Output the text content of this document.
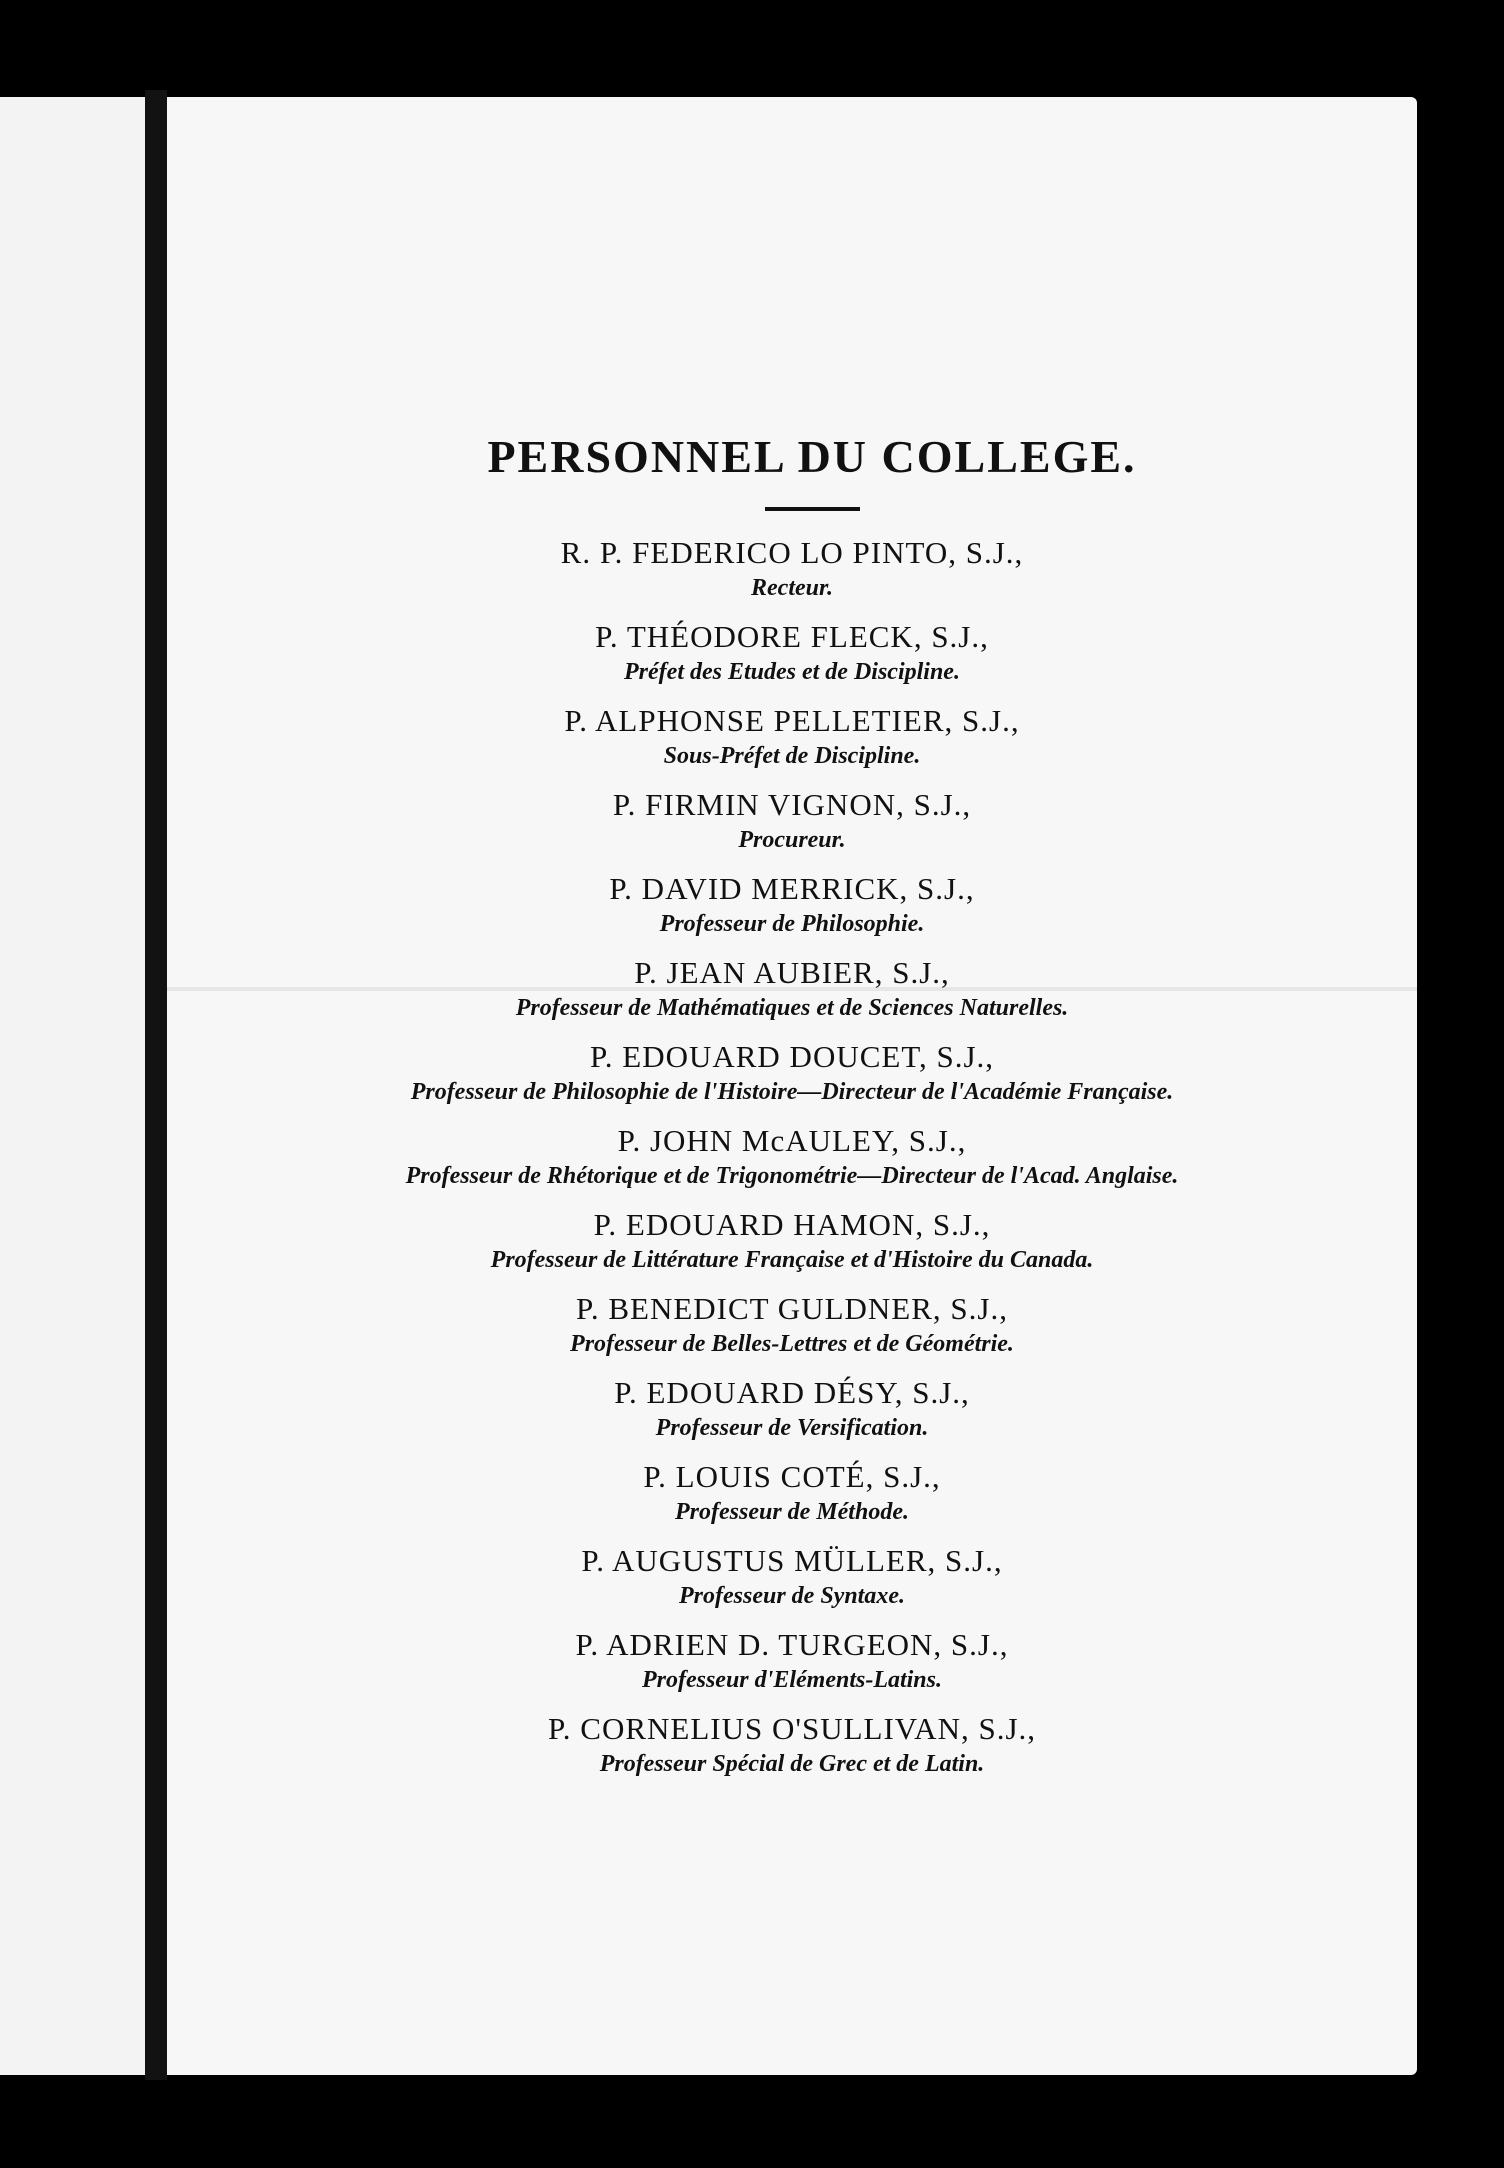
PERSONNEL DU COLLEGE.
R. P. FEDERICO LO PINTO, S.J.,
Recteur.
P. THÉODORE FLECK, S.J.,
Préfet des Etudes et de Discipline.
P. ALPHONSE PELLETIER, S.J.,
Sous-Préfet de Discipline.
P. FIRMIN VIGNON, S.J.,
Procureur.
P. DAVID MERRICK, S.J.,
Professeur de Philosophie.
P. JEAN AUBIER, S.J.,
Professeur de Mathématiques et de Sciences Naturelles.
P. EDOUARD DOUCET, S.J.,
Professeur de Philosophie de l'Histoire—Directeur de l'Académie Française.
P. JOHN McAULEY, S.J.,
Professeur de Rhétorique et de Trigonométrie—Directeur de l'Acad. Anglaise.
P. EDOUARD HAMON, S.J.,
Professeur de Littérature Française et d'Histoire du Canada.
P. BENEDICT GULDNER, S.J.,
Professeur de Belles-Lettres et de Géométrie.
P. EDOUARD DÉSY, S.J.,
Professeur de Versification.
P. LOUIS COTÉ, S.J.,
Professeur de Méthode.
P. AUGUSTUS MÜLLER, S.J.,
Professeur de Syntaxe.
P. ADRIEN D. TURGEON, S.J.,
Professeur d'Eléments-Latins.
P. CORNELIUS O'SULLIVAN, S.J.,
Professeur Spécial de Grec et de Latin.
